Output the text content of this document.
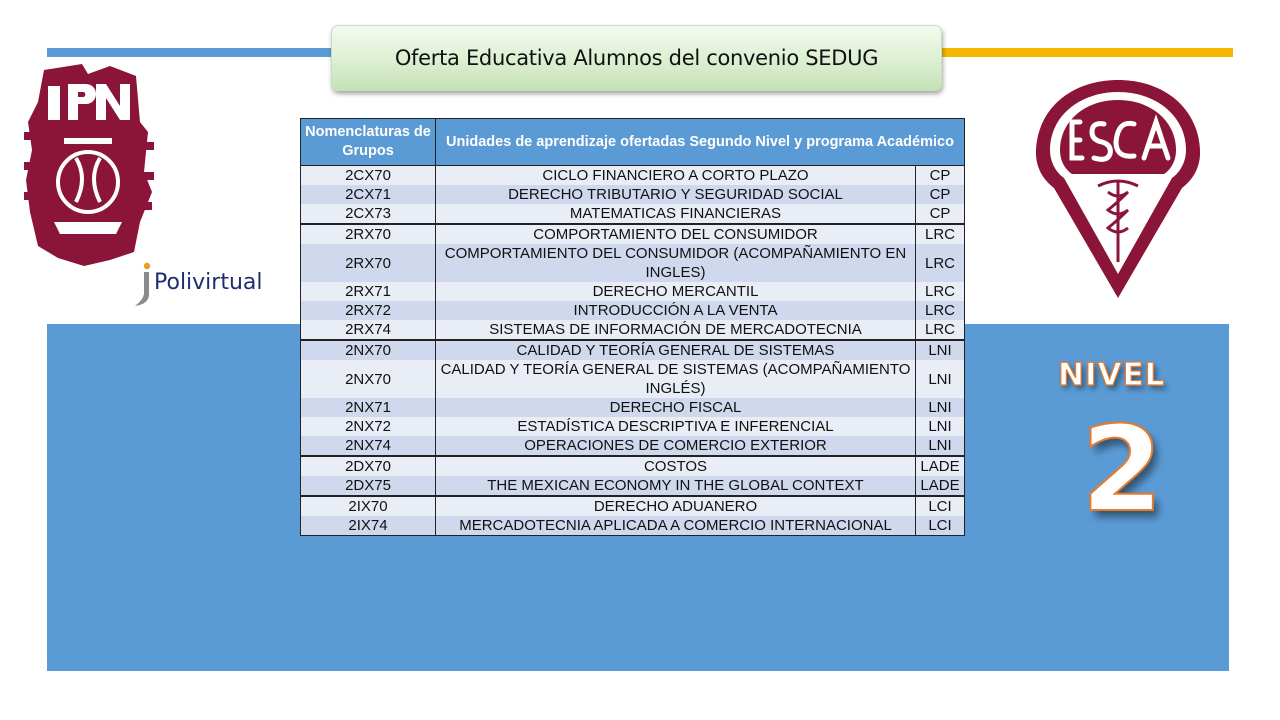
Oferta Educativa Alumnos del convenio SEDUG
Polivirtual
NIVEL
2
Nomenclaturas de Grupos	Unidades de aprendizaje ofertadas Segundo Nivel y programa Académico	
2CX70	CICLO FINANCIERO A CORTO PLAZO	CP
2CX71	DERECHO TRIBUTARIO Y SEGURIDAD SOCIAL	CP
2CX73	MATEMATICAS FINANCIERAS	CP
2RX70	COMPORTAMIENTO DEL CONSUMIDOR	LRC
2RX70	COMPORTAMIENTO DEL CONSUMIDOR (ACOMPAÑAMIENTO EN INGLES)	LRC
2RX71	DERECHO MERCANTIL	LRC
2RX72	INTRODUCCIÓN A LA VENTA	LRC
2RX74	SISTEMAS DE INFORMACIÓN DE MERCADOTECNIA	LRC
2NX70	CALIDAD Y TEORÍA GENERAL DE SISTEMAS	LNI
2NX70	CALIDAD Y TEORÍA GENERAL DE SISTEMAS (ACOMPAÑAMIENTO INGLÉS)	LNI
2NX71	DERECHO FISCAL	LNI
2NX72	ESTADÍSTICA DESCRIPTIVA E INFERENCIAL	LNI
2NX74	OPERACIONES DE COMERCIO EXTERIOR	LNI
2DX70	COSTOS	LADE
2DX75	THE MEXICAN ECONOMY IN THE GLOBAL CONTEXT	LADE
2IX70	DERECHO ADUANERO	LCI
2IX74	MERCADOTECNIA APLICADA A COMERCIO INTERNACIONAL	LCI
